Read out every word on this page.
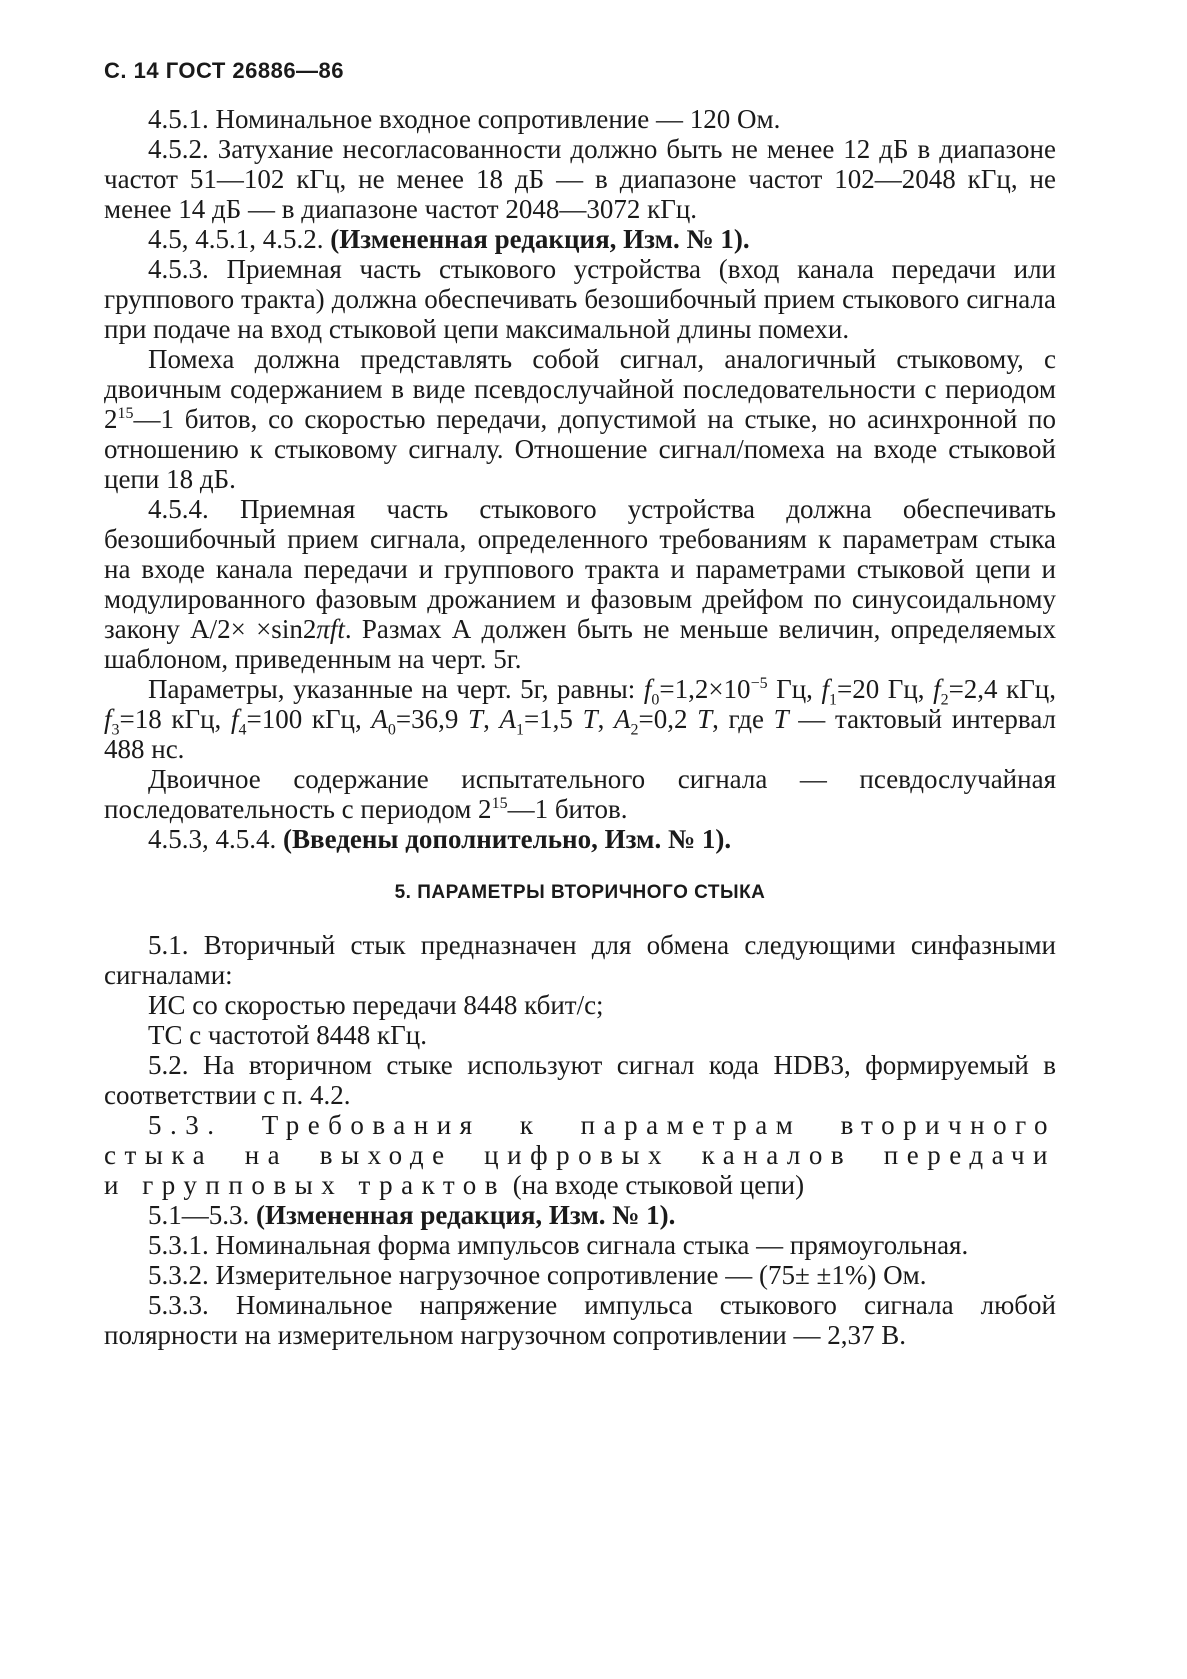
С. 14 ГОСТ 26886—86

4.5.1. Номинальное входное сопротивление — 120 Ом.

4.5.2. Затухание несогласованности должно быть не менее 12 дБ в диапазоне частот 51—102 кГц, не менее 18 дБ — в диапазоне частот 102—2048 кГц, не менее 14 дБ — в диапазоне частот 2048—3072 кГц.

4.5, 4.5.1, 4.5.2. (Измененная редакция, Изм. № 1).

4.5.3. Приемная часть стыкового устройства (вход канала передачи или группового тракта) должна обеспечивать безошибочный прием стыкового сигнала при подаче на вход стыковой цепи максимальной длины помехи.

Помеха должна представлять собой сигнал, аналогичный стыковому, с двоичным содержанием в виде псевдослучайной последовательности с периодом $2^{15}—1$ битов, со скоростью передачи, допустимой на стыке, но асинхронной по отношению к стыковому сигналу. Отношение сигнал/помеха на входе стыковой цепи 18 дБ.

4.5.4. Приемная часть стыкового устройства должна обеспечивать безошибочный прием сигнала, определенного требованиям к параметрам стыка на входе канала передачи и группового тракта и параметрами стыковой цепи и модулированного фазовым дрожанием и фазовым дрейфом по синусоидальному закону А/2× ×sin2πft. Размах А должен быть не меньше величин, определяемых шаблоном, приведенным на черт. 5г.

Параметры, указанные на черт. 5г, равны: $f_0=1,2\times 10^{-5}$ Гц, $f_1=20$ Гц, $f_2=2,4$ кГц, $f_3=18$ кГц, $f_4=100$ кГц, $A_0=36,9$ T, $A_1=1,5$ T, $A_2=0,2$ T, где T — тактовый интервал 488 нс.

Двоичное содержание испытательного сигнала — псевдослучайная последовательность с периодом $2^{15}—1$ битов.

4.5.3, 4.5.4. (Введены дополнительно, Изм. № 1).

5. ПАРАМЕТРЫ ВТОРИЧНОГО СТЫКА

5.1. Вторичный стык предназначен для обмена следующими синфазными сигналами:

ИС со скоростью передачи 8448 кбит/с;

ТС с частотой 8448 кГц.

5.2. На вторичном стыке используют сигнал кода HDB3, формируемый в соответствии с п. 4.2.

5.3. Требования к параметрам вторичного

стыка на выходе цифровых каналов передачи

и групповых трактов (на входе стыковой цепи)

5.1—5.3. (Измененная редакция, Изм. № 1).

5.3.1. Номинальная форма импульсов сигнала стыка — прямоугольная.

5.3.2. Измерительное нагрузочное сопротивление — (75± ±1%) Ом.

5.3.3. Номинальное напряжение импульса стыкового сигнала любой полярности на измерительном нагрузочном сопротивлении — 2,37 В.
